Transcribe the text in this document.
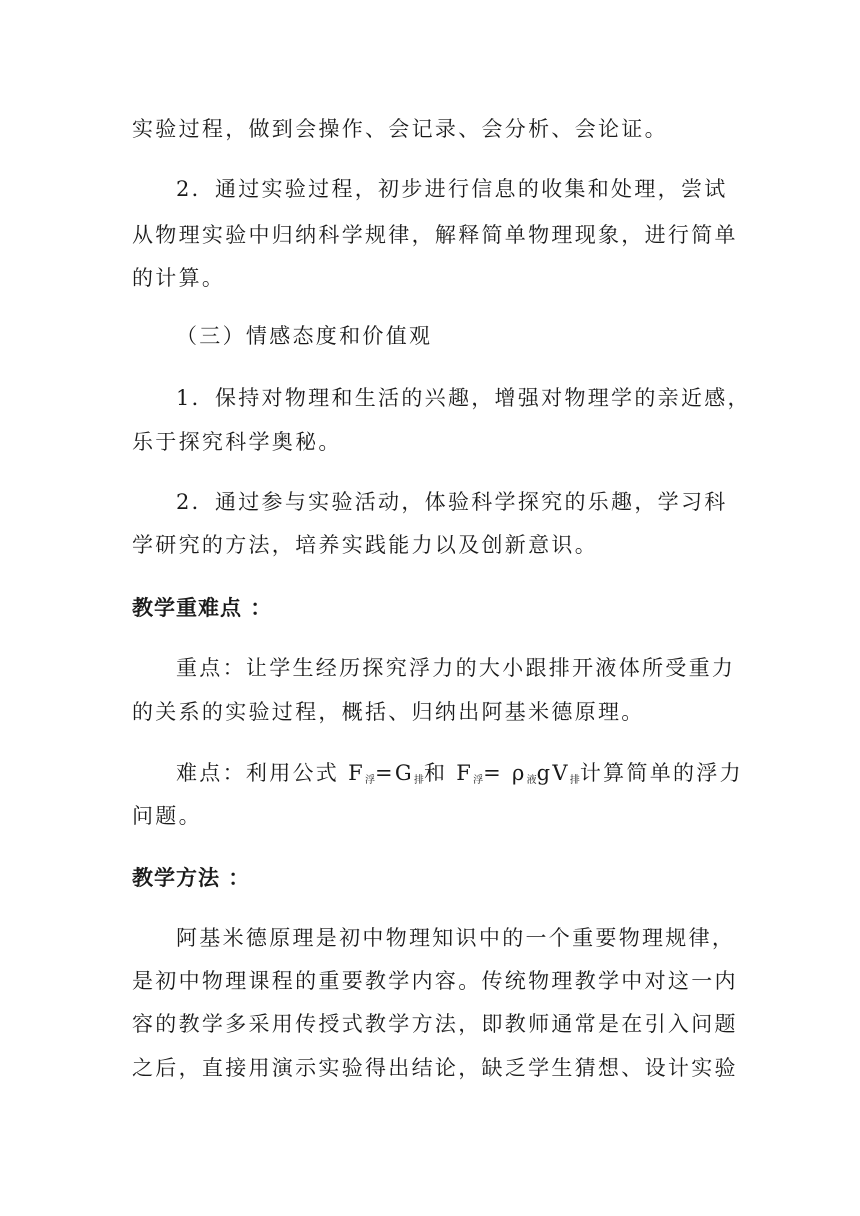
实验过程，做到会操作、会记录、会分析、会论证。
2．通过实验过程，初步进行信息的收集和处理，尝试
从物理实验中归纳科学规律，解释简单物理现象，进行简单
的计算。
（三）情感态度和价值观
1．保持对物理和生活的兴趣，增强对物理学的亲近感，
乐于探究科学奥秘。
2．通过参与实验活动，体验科学探究的乐趣，学习科
学研究的方法，培养实践能力以及创新意识。
教学重难点 ：
重点：让学生经历探究浮力的大小跟排开液体所受重力
的关系的实验过程，概括、归纳出阿基米德原理。
难点：利用公式 $F_浮=G_排$和 $F_浮= \rho_液gV_排$计算简单的浮力
问题。
教学方法 ：
阿基米德原理是初中物理知识中的一个重要物理规律，
是初中物理课程的重要教学内容。传统物理教学中对这一内
容的教学多采用传授式教学方法，即教师通常是在引入问题
之后，直接用演示实验得出结论，缺乏学生猜想、设计实验
